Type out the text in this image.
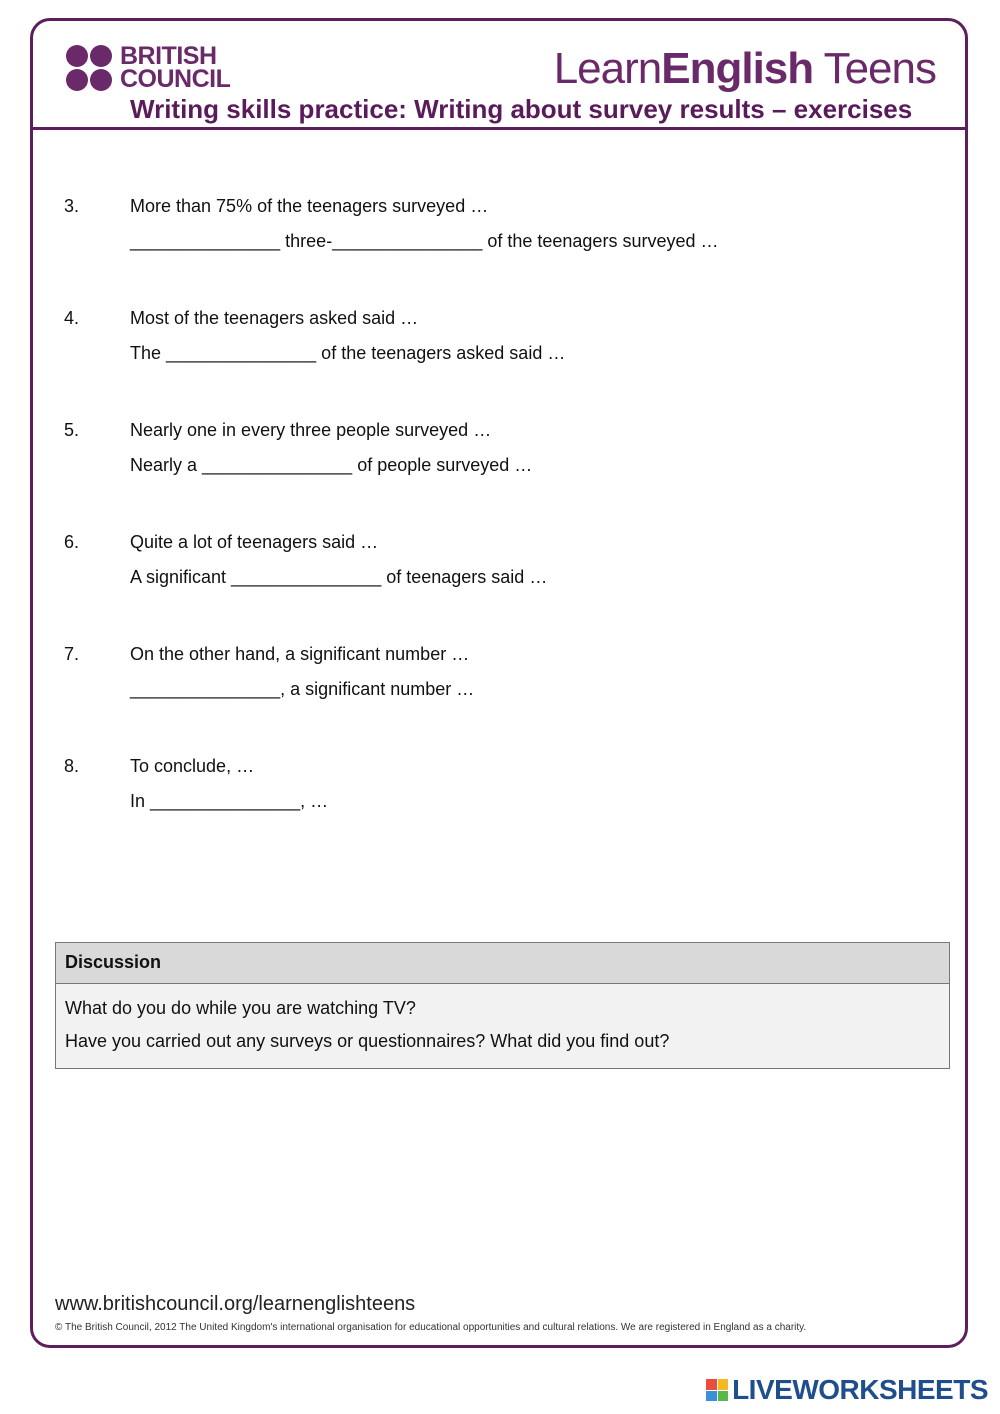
BRITISH
COUNCIL	LearnEnglish Teens
Writing skills practice: Writing about survey results – exercises
3.	More than 75% of the teenagers surveyed …
_______________ three-_______________ of the teenagers surveyed …
4.	Most of the teenagers asked said …
The _______________ of the teenagers asked said …
5.	Nearly one in every three people surveyed …
Nearly a _______________ of people surveyed …
6.	Quite a lot of teenagers said …
A significant _______________ of teenagers said …
7.	On the other hand, a significant number …
_______________, a significant number …
8.	To conclude, …
In _______________, …
Discussion
What do you do while you are watching TV?
Have you carried out any surveys or questionnaires? What did you find out?
www.britishcouncil.org/learnenglishteens
© The British Council, 2012 The United Kingdom's international organisation for educational opportunities and cultural relations. We are registered in England as a charity.
LIVEWORKSHEETS
